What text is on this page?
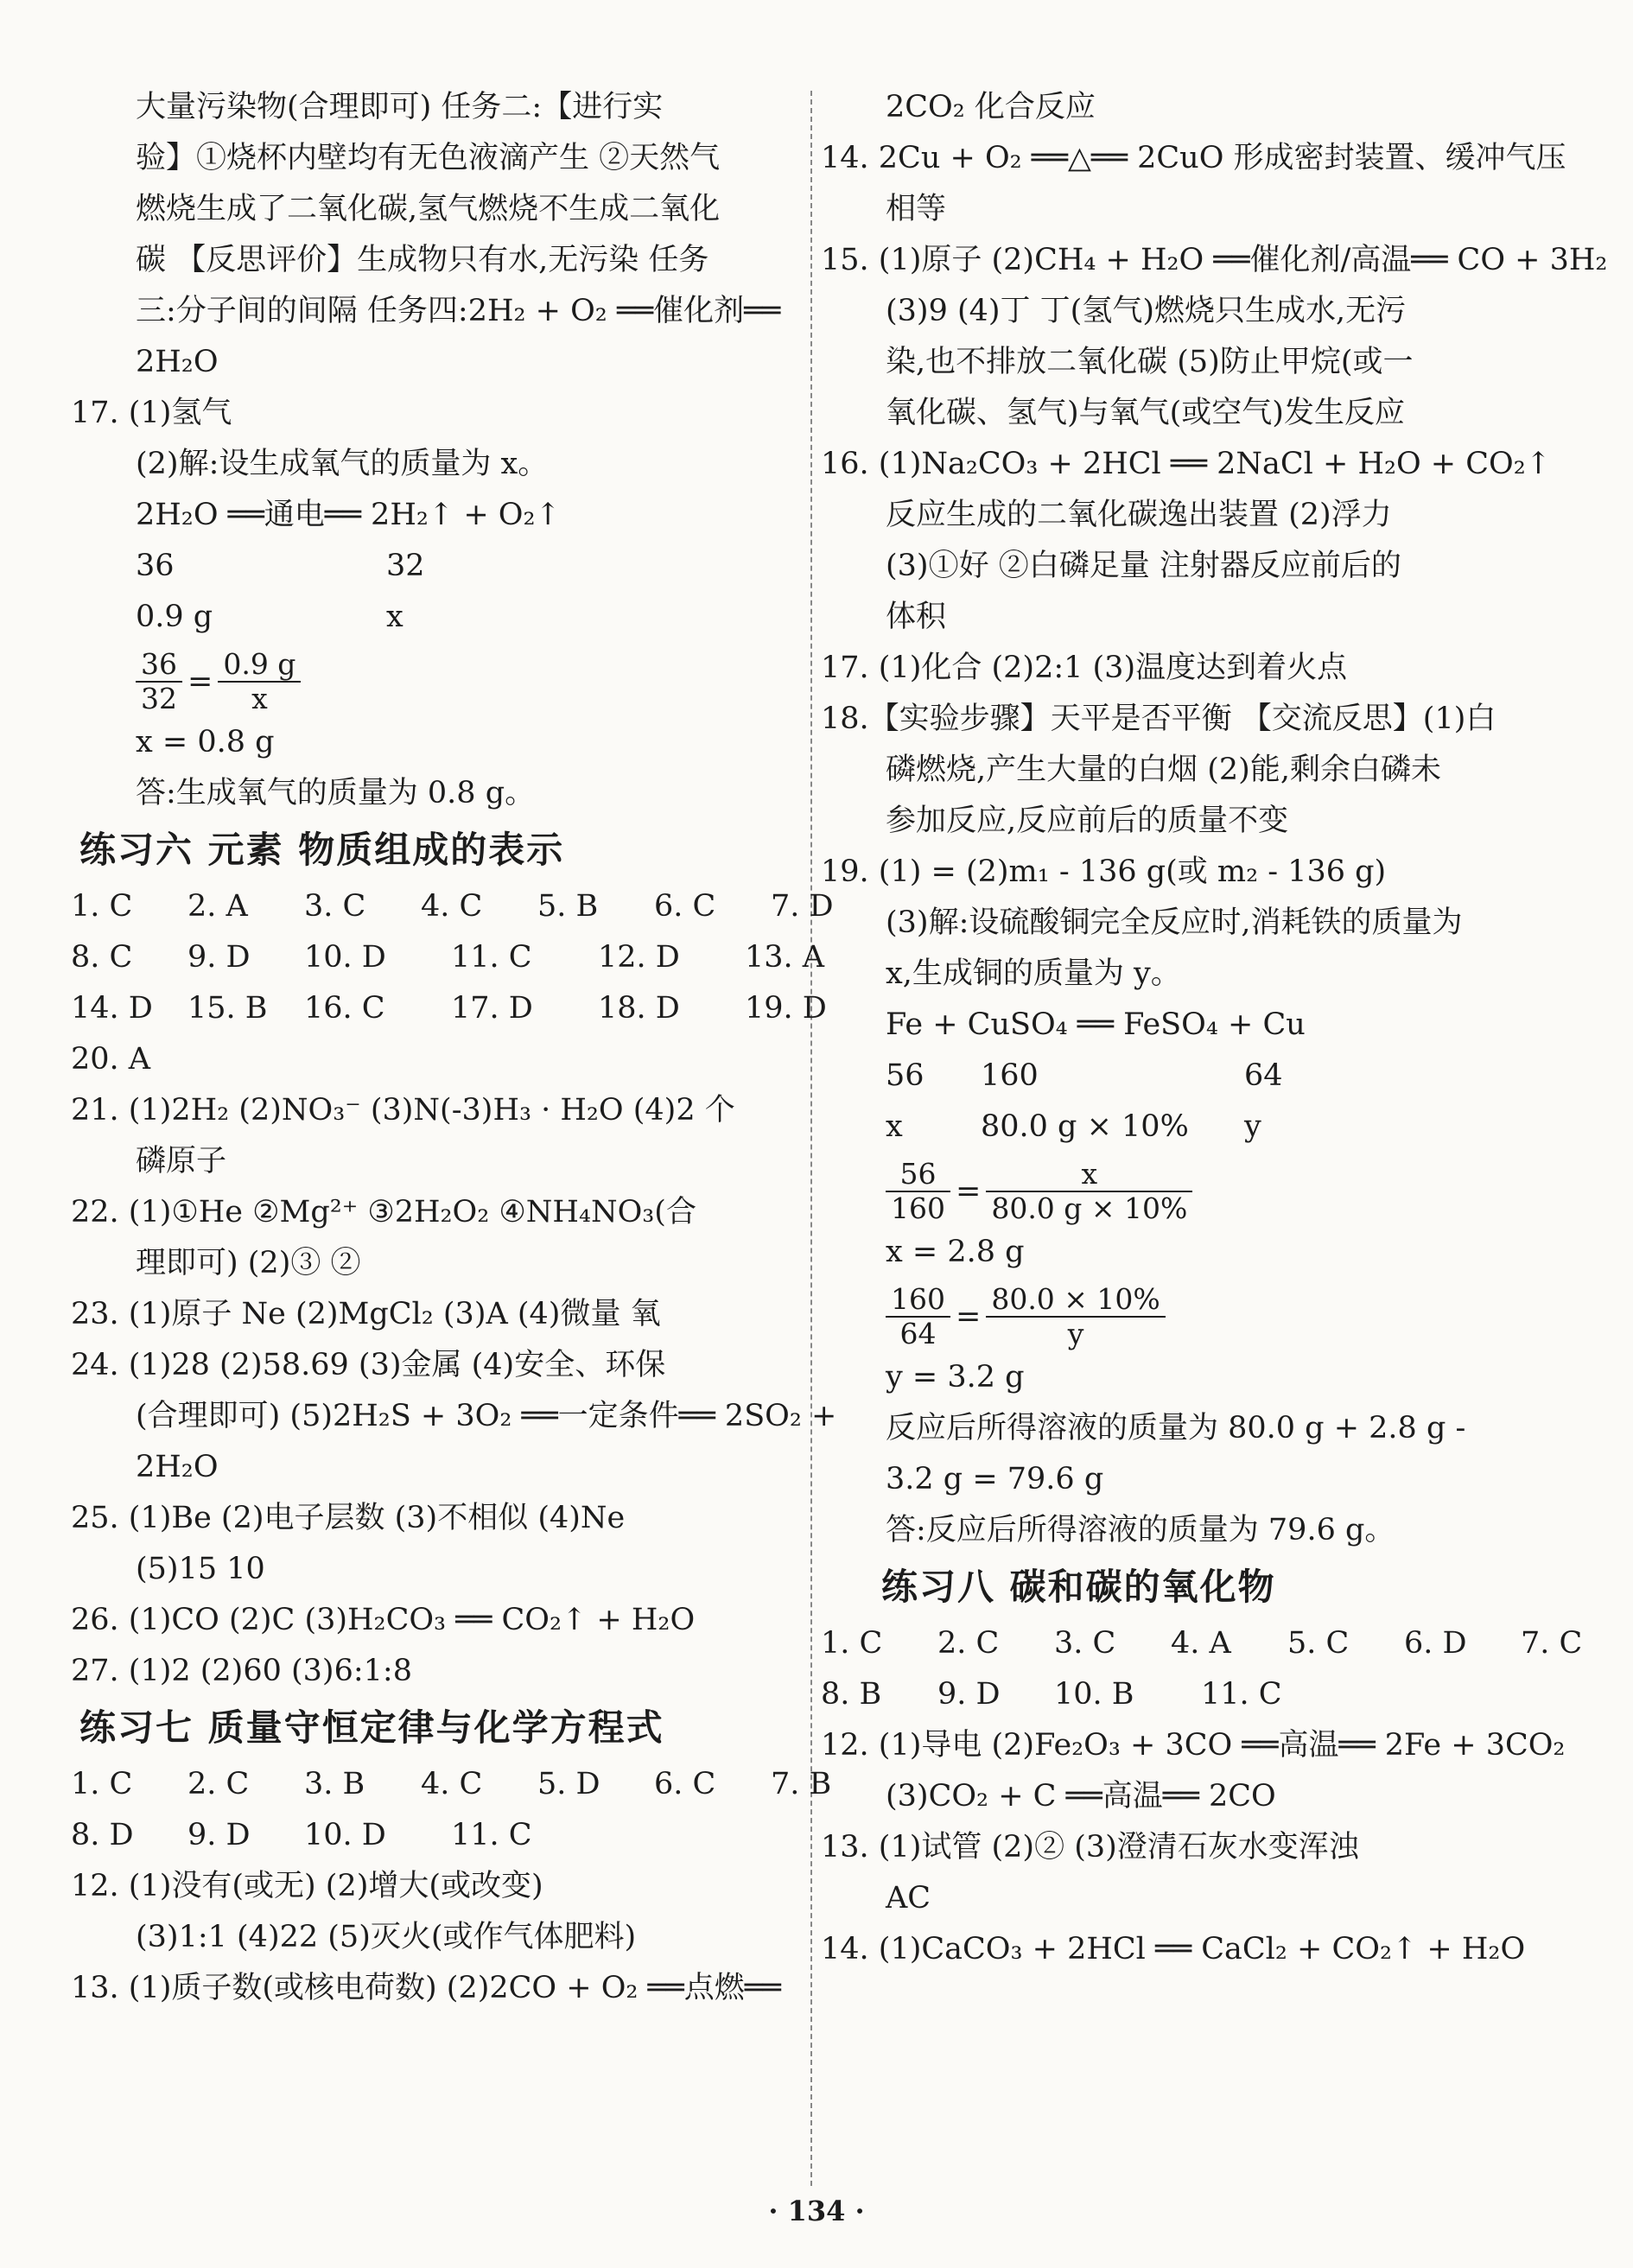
大量污染物(合理即可) 任务二:【进行实
验】①烧杯内壁均有无色液滴产生 ②天然气
燃烧生成了二氧化碳,氢气燃烧不生成二氧化
碳 【反思评价】生成物只有水,无污染 任务
三:分子间的间隔 任务四:2H₂ + O₂ ══催化剂══
2H₂O
17. (1)氢气
(2)解:设生成氧气的质量为 x。
2H₂O ══通电══ 2H₂↑ + O₂↑
36	32
0.9 g	x
$\frac{36}{32} = \frac{0.9 g}{x}$
x = 0.8 g
答:生成氧气的质量为 0.8 g。
练习六 元素 物质组成的表示
1. C 2. A 3. C 4. C 5. B 6. C 7. D
8. C 9. D 10. D 11. C 12. D 13. A
14. D 15. B 16. C 17. D 18. D 19. D
20. A
21. (1)2H₂ (2)NO₃⁻ (3)N(-3)H₃ · H₂O (4)2 个
磷原子
22. (1)①He ②Mg²⁺ ③2H₂O₂ ④NH₄NO₃(合
理即可) (2)③ ②
23. (1)原子 Ne (2)MgCl₂ (3)A (4)微量 氧
24. (1)28 (2)58.69 (3)金属 (4)安全、环保
(合理即可) (5)2H₂S + 3O₂ ══一定条件══ 2SO₂ +
2H₂O
25. (1)Be (2)电子层数 (3)不相似 (4)Ne
(5)15 10
26. (1)CO (2)C (3)H₂CO₃ ══ CO₂↑ + H₂O
27. (1)2 (2)60 (3)6:1:8
练习七 质量守恒定律与化学方程式
1. C 2. C 3. B 4. C 5. D 6. C 7. B
8. D 9. D 10. D 11. C
12. (1)没有(或无) (2)增大(或改变)
(3)1:1 (4)22 (5)灭火(或作气体肥料)
13. (1)质子数(或核电荷数) (2)2CO + O₂ ══点燃══
2CO₂ 化合反应
14. 2Cu + O₂ ══△══ 2CuO 形成密封装置、缓冲气压
相等
15. (1)原子 (2)CH₄ + H₂O ══催化剂/高温══ CO + 3H₂
(3)9 (4)丁 丁(氢气)燃烧只生成水,无污
染,也不排放二氧化碳 (5)防止甲烷(或一
氧化碳、氢气)与氧气(或空气)发生反应
16. (1)Na₂CO₃ + 2HCl ══ 2NaCl + H₂O + CO₂↑
反应生成的二氧化碳逸出装置 (2)浮力
(3)①好 ②白磷足量 注射器反应前后的
体积
17. (1)化合 (2)2:1 (3)温度达到着火点
18.【实验步骤】天平是否平衡 【交流反思】(1)白
磷燃烧,产生大量的白烟 (2)能,剩余白磷未
参加反应,反应前后的质量不变
19. (1) = (2)m₁ - 136 g(或 m₂ - 136 g)
(3)解:设硫酸铜完全反应时,消耗铁的质量为
x,生成铜的质量为 y。
Fe + CuSO₄ ══ FeSO₄ + Cu
56 160	64
x	80.0 g × 10% y
$\frac{56}{160} = \frac{x}{80.0 g \times 10\%}$
x = 2.8 g
$\frac{160}{64} = \frac{80.0 \times 10\%}{y}$
y = 3.2 g
反应后所得溶液的质量为 80.0 g + 2.8 g -
3.2 g = 79.6 g
答:反应后所得溶液的质量为 79.6 g。
练习八 碳和碳的氧化物
1. C 2. C 3. C 4. A 5. C 6. D 7. C
8. B 9. D 10. B 11. C
12. (1)导电 (2)Fe₂O₃ + 3CO ══高温══ 2Fe + 3CO₂
(3)CO₂ + C ══高温══ 2CO
13. (1)试管 (2)② (3)澄清石灰水变浑浊
AC
14. (1)CaCO₃ + 2HCl ══ CaCl₂ + CO₂↑ + H₂O
· 134 ·
